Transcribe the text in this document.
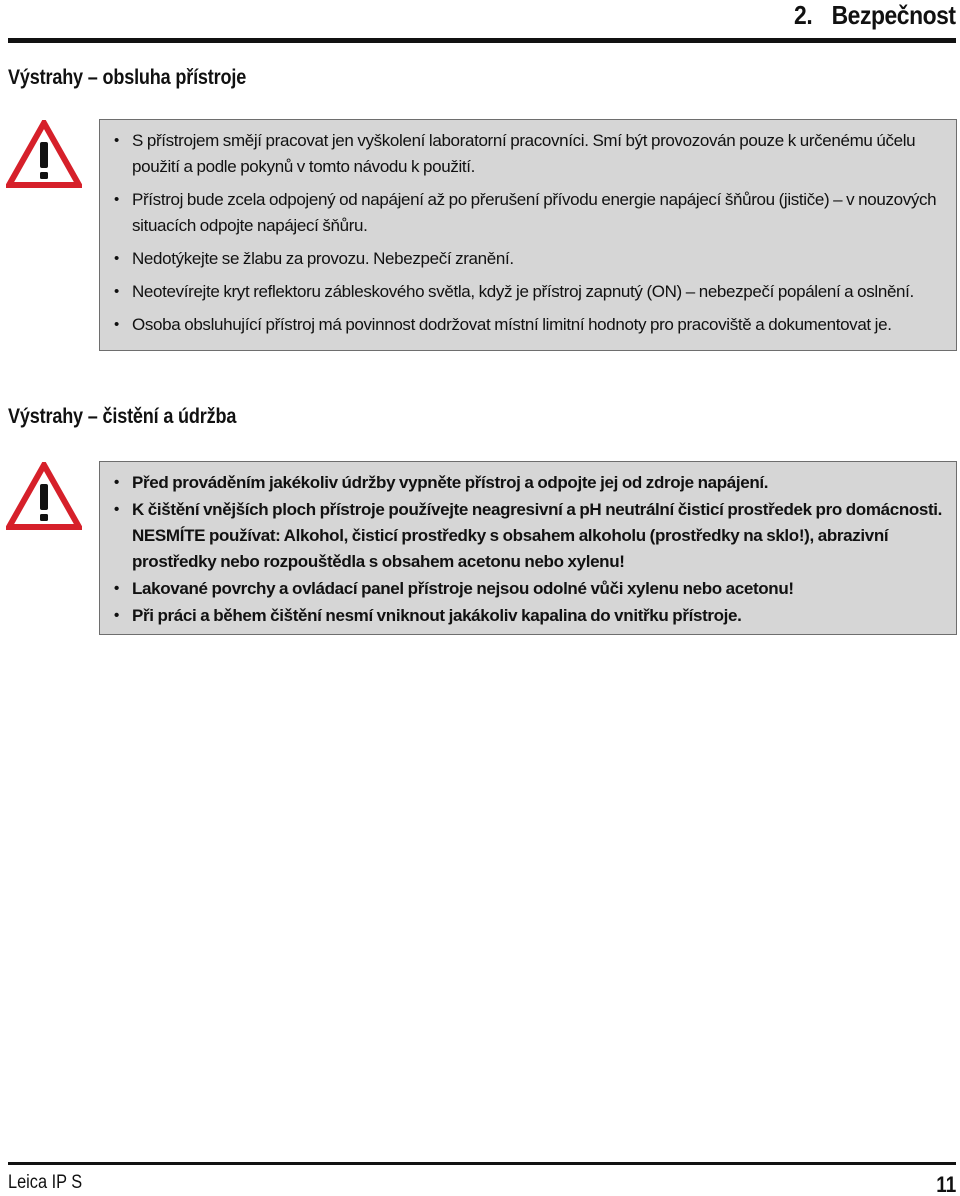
2. Bezpečnost
Výstrahy – obsluha přístroje
• S přístrojem smějí pracovat jen vyškolení laboratorní pracovníci. Smí být provozován pouze k určenému účelu použití a podle pokynů v tomto návodu k použití.
• Přístroj bude zcela odpojený od napájení až po přerušení přívodu energie napájecí šňůrou (jističe) – v nouzových situacích odpojte napájecí šňůru.
• Nedotýkejte se žlabu za provozu. Nebezpečí zranění.
• Neotevírejte kryt reflektoru zábleskového světla, když je přístroj zapnutý (ON) – nebezpečí popálení a oslnění.
• Osoba obsluhující přístroj má povinnost dodržovat místní limitní hodnoty pro pracoviště a dokumentovat je.
Výstrahy – čistění a údržba
• Před prováděním jakékoliv údržby vypněte přístroj a odpojte jej od zdroje napájení.
• K čištění vnějších ploch přístroje používejte neagresivní a pH neutrální čisticí prostředek pro domácnosti. NESMÍTE používat: Alkohol, čisticí prostředky s obsahem alkoholu (prostředky na sklo!), abrazivní prostředky nebo rozpouštědla s obsahem acetonu nebo xylenu!
• Lakované povrchy a ovládací panel přístroje nejsou odolné vůči xylenu nebo acetonu!
• Při práci a během čištění nesmí vniknout jakákoliv kapalina do vnitřku přístroje.
Leica IP S	11
